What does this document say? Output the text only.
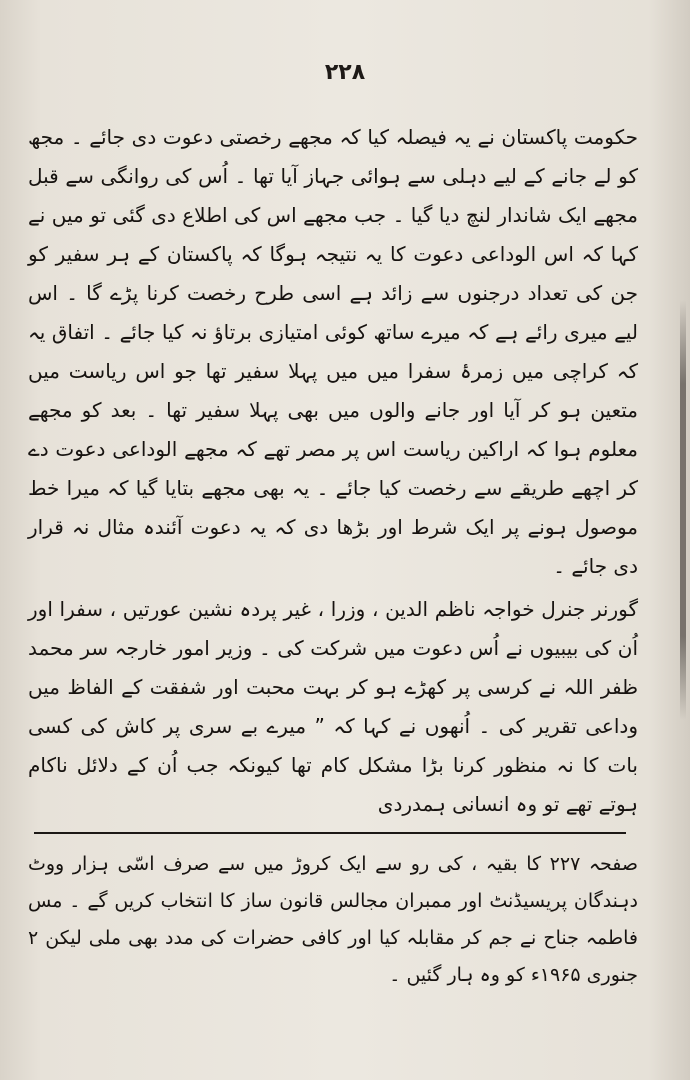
۲۲۸

حکومت پاکستان نے یہ فیصلہ کیا کہ مجھے رخصتی دعوت دی جائے ۔ مجھ کو لے جانے کے لیے دہلی سے ہوائی جہاز آیا تھا ۔ اُس کی روانگی سے قبل مجھے ایک شاندار لنچ دیا گیا ۔ جب مجھے اس کی اطلاع دی گئی تو میں نے کہا کہ اس الوداعی دعوت کا یہ نتیجہ ہوگا کہ پاکستان کے ہر سفیر کو جن کی تعداد درجنوں سے زائد ہے اسی طرح رخصت کرنا پڑے گا ۔ اس لیے میری رائے ہے کہ میرے ساتھ کوئی امتیازی برتاؤ نہ کیا جائے ۔ اتفاق یہ کہ کراچی میں زمرۂ سفرا میں میں پہلا سفیر تھا جو اس ریاست میں متعین ہو کر آیا اور جانے والوں میں بھی پہلا سفیر تھا ۔ بعد کو مجھے معلوم ہوا کہ اراکین ریاست اس پر مصر تھے کہ مجھے الوداعی دعوت دے کر اچھے طریقے سے رخصت کیا جائے ۔ یہ بھی مجھے بتایا گیا کہ میرا خط موصول ہونے پر ایک شرط اور بڑھا دی کہ یہ دعوت آئندہ مثال نہ قرار دی جائے ۔

گورنر جنرل خواجہ ناظم الدین ، وزرا ، غیر پردہ نشین عورتیں ، سفرا اور اُن کی بیبیوں نے اُس دعوت میں شرکت کی ۔ وزیر امور خارجہ سر محمد ظفر اللہ نے کرسی پر کھڑے ہو کر بہت محبت اور شفقت کے الفاظ میں وداعی تقریر کی ۔ اُنھوں نے کہا کہ ” میرے بے سری پر کاش کی کسی بات کا نہ منظور کرنا بڑا مشکل کام تھا کیونکہ جب اُن کے دلائل ناکام ہوتے تھے تو وہ انسانی ہمدردی

صفحہ ۲۲۷ کا بقیہ ، کی رو سے ایک کروڑ میں سے صرف اسّی ہزار ووٹ دہندگان پریسیڈنٹ اور ممبران مجالس قانون ساز کا انتخاب کریں گے ۔ مس فاطمہ جناح نے جم کر مقابلہ کیا اور کافی حضرات کی مدد بھی ملی لیکن ۲ جنوری ۱۹۶۵ء کو وہ ہار گئیں ۔
